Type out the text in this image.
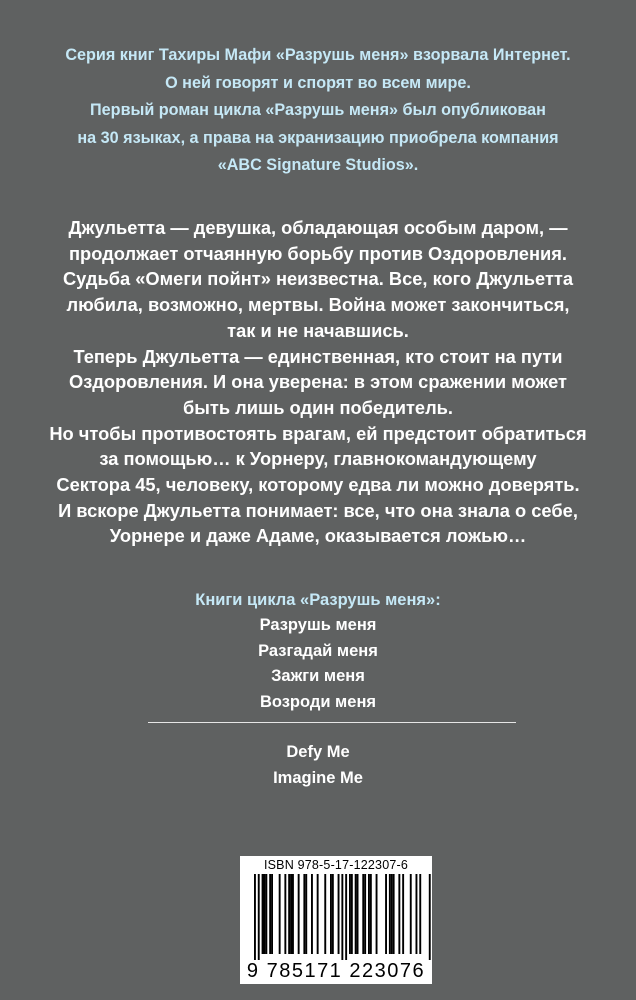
Серия книг Тахиры Мафи «Разрушь меня» взорвала Интернет.
О ней говорят и спорят во всем мире.
Первый роман цикла «Разрушь меня» был опубликован
на 30 языках, а права на экранизацию приобрела компания
«ABC Signature Studios».
Джульетта — девушка, обладающая особым даром, —
продолжает отчаянную борьбу против Оздоровления.
Судьба «Омеги пойнт» неизвестна. Все, кого Джульетта
любила, возможно, мертвы. Война может закончиться,
так и не начавшись.
Теперь Джульетта — единственная, кто стоит на пути
Оздоровления. И она уверена: в этом сражении может
быть лишь один победитель.
Но чтобы противостоять врагам, ей предстоит обратиться
за помощью… к Уорнеру, главнокомандующему
Сектора 45, человеку, которому едва ли можно доверять.
И вскоре Джульетта понимает: все, что она знала о себе,
Уорнере и даже Адаме, оказывается ложью…
Книги цикла «Разрушь меня»:
Разрушь меня
Разгадай меня
Зажги меня
Возроди меня
Defy Me
Imagine Me
ISBN 978-5-17-122307-6
9 785171 223076
